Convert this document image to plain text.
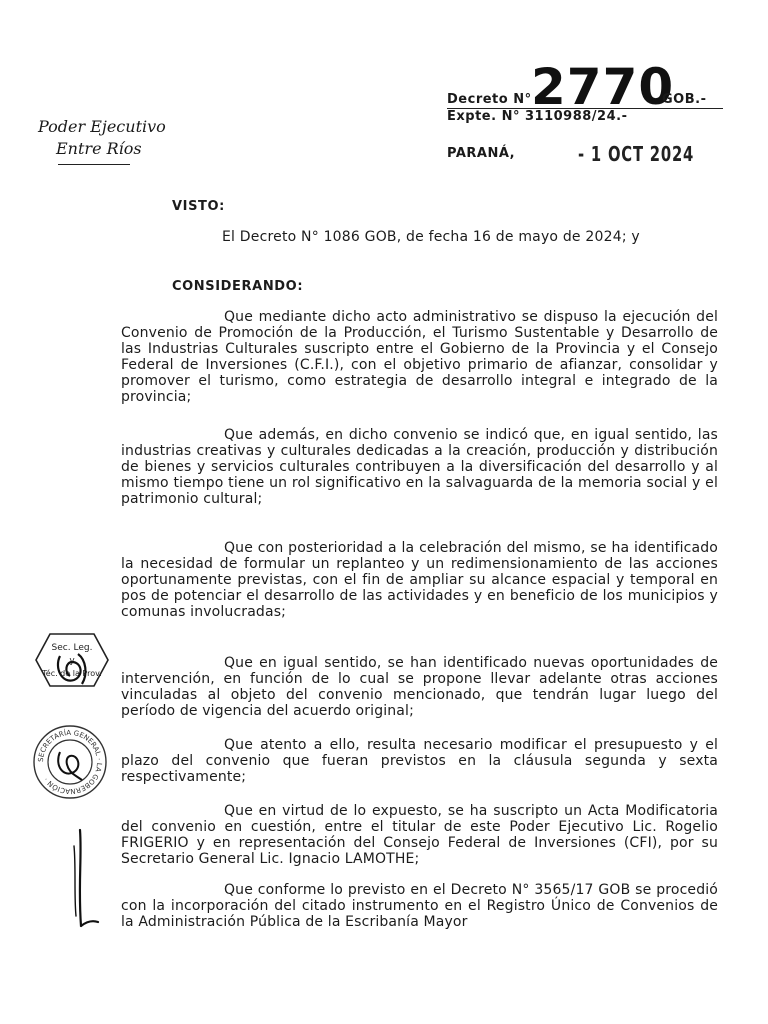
Poder Ejecutivo
Entre Ríos
Decreto N° 2770
GOB.-
Expte. N° 3110988/24.-
PARANÁ,	- 1 OCT 2024
VISTO:
El Decreto N° 1086 GOB, de fecha 16 de mayo de 2024; y
CONSIDERANDO:

Que mediante dicho acto administrativo se dispuso la ejecución del Convenio de Promoción de la Producción, el Turismo Sustentable y Desarrollo de las Industrias Culturales suscripto entre el Gobierno de la Provincia y el Consejo Federal de Inversiones (C.F.I.), con el objetivo primario de afianzar, consolidar y promover el turismo, como estrategia de desarrollo integral e integrado de la provincia;

Que además, en dicho convenio se indicó que, en igual sentido, las industrias creativas y culturales dedicadas a la creación, producción y distribución de bienes y servicios culturales contribuyen a la diversificación del desarrollo y al mismo tiempo tiene un rol significativo en la salvaguarda de la memoria social y el patrimonio cultural;

Que con posterioridad a la celebración del mismo, se ha identificado la necesidad de formular un replanteo y un redimensionamiento de las acciones oportunamente previstas, con el fin de ampliar su alcance espacial y temporal en pos de potenciar el desarrollo de las actividades y en beneficio de los municipios y comunas involucradas;

Que en igual sentido, se han identificado nuevas oportunidades de intervención, en función de lo cual se propone llevar adelante otras acciones vinculadas al objeto del convenio mencionado, que tendrán lugar luego del período de vigencia del acuerdo original;

Que atento a ello, resulta necesario modificar el presupuesto y el plazo del convenio que fueran previstos en la cláusula segunda y sexta respectivamente;

Que en virtud de lo expuesto, se ha suscripto un Acta Modificatoria del convenio en cuestión, entre el titular de este Poder Ejecutivo Lic. Rogelio FRIGERIO y en representación del Consejo Federal de Inversiones (CFI), por su Secretario General Lic. Ignacio LAMOTHE;

Que conforme lo previsto en el Decreto N° 3565/17 GOB se procedió con la incorporación del citado instrumento en el Registro Único de Convenios de la Administración Pública de la Escribanía Mayor

Sec. Leg.
y
Téc. de la Prov.
SECRETARÍA GENERAL · LA GOBERNACIÓN ·
